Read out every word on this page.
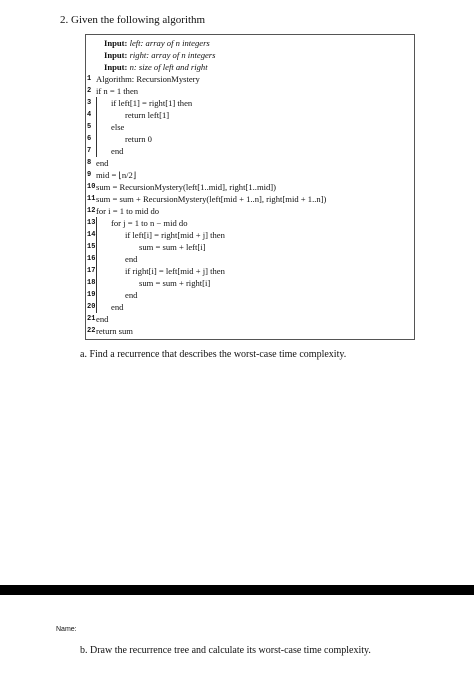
2. Given the following algorithm
Input: left: array of n integers
Input: right: array of n integers
Input: n: size of left and right
1 Algorithm: RecursionMystery
2 if n = 1 then
3	if left[1] = right[1] then
4	return left[1]
5	else
6	return 0
7	end
8 end
9 mid = ⌊n/2⌋
10 sum = RecursionMystery(left[1..mid], right[1..mid])
11 sum = sum + RecursionMystery(left[mid + 1..n], right[mid + 1..n])
12 for i = 1 to mid do
13	for j = 1 to n − mid do
14	if left[i] = right[mid + j] then
15	sum = sum + left[i]
16	end
17	if right[i] = left[mid + j] then
18	sum = sum + right[i]
19	end
20	end
21 end
22 return sum
a. Find a recurrence that describes the worst-case time complexity.
Name:
b. Draw the recurrence tree and calculate its worst-case time complexity.
